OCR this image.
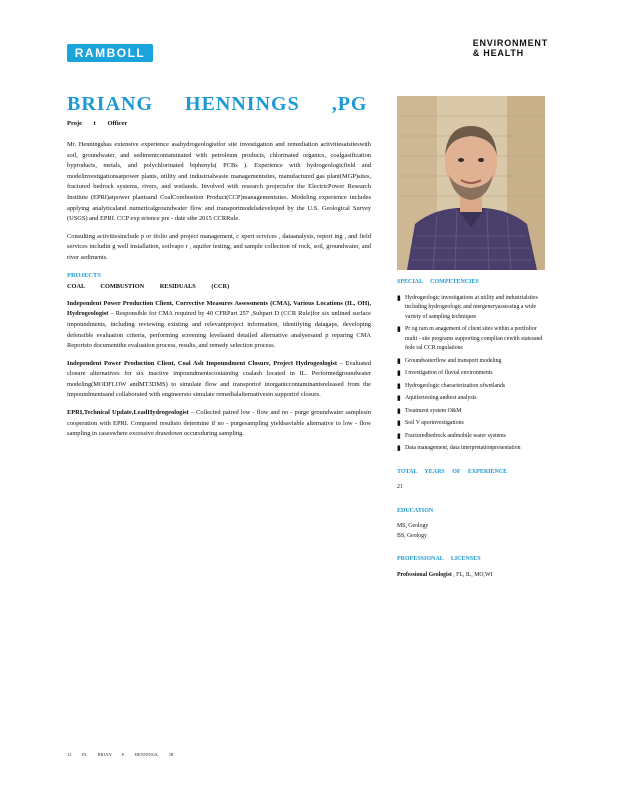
RAMBOLL
ENVIRONMENT
& HEALTH
BRIANG HENNINGS ,PG
Proje t Officer

Mr. Henningshas extensive experience asahydrogeologistfor site investigation and remediation activitiesatsiteswith soil, groundwater, and sedimentcontaminated with petroleum products, chlorinated organics, coalgasification byproducts, metals, and polychlorinated biphenyls( PCBs ). Experience with hydrogeologicfield and modelinvestigationsatpower plants, utility and industrialwaste managementsites, manufactured gas plant(MGP)sites, fractured bedrock systems, rivers, and wetlands. Involved with research projectsfor the ElectricPower Research Institute (EPRI)atpower plantsand CoalCombustion Product(CCP)managementsites. Modeling experience includes applying analyticaland numericalgroundwater flow and transportmodelsdeveloped by the U.S. Geological Survey (USGS) and EPRI. CCP exp erience pre - date sthe 2015 CCRRule.

Consulting activitiesinclude p or tfolio and project management, c xpert scrvices , dataanalysis, report ing , and field services includin g well installation, soilvapo r , aquifer testing, and sample collection of rock, soil, groundwater, and river sediments.

PROJECTS
COAL COMBUSTION RESIDUALS (CCR)

Independent Power Production Client, Corrective Measures Assessments (CMA), Various Locations (IL, OH), Hydrogeologist – Responsible for CMA required by 40 CFRPart 257 ,Subpart D (CCR Rule)for six unlined surface impoundments, including reviewing existing and relevantproject information, identifying datagaps, developing defensible evaluation criteria, performing screening levelaand detailed alternative analysesand p reparing CMA Reportsto documentthe evaluation process, results, and remedy selection process.

Independent Power Production Client, Coal Ash Impoundment Closure, Project Hydrogeologist – Evaluated closure alternatives for six inactive impoundmentscontaining coalash located in IL. Performedgroundwater modeling(MODFLOW andMT3DMS) to simulate flow and transportof inorganiccontaminantsreleased from the impoundmentsand collaborated with engineersto simulate remedialalternativesin supportof closure.

EPRI,Technical Update,LeadHydrogeologist – Collected paired low - flow and no - purge groundwater samplesin cooperation with EPRI. Compared resultsto determine if no - purgesampling yieldsaviable alternative to low - flow sampling in caseswhere excessive drawdown occursduring sampling.

SPECIAL COMPETENCIES
▮ Hydrogeologic investigations at utility and industrialsites including hydrogeologic and mergeneryassessing a wide variety of sampling techniques
▮ Pr og ram m anagement of client sites within a portfolior multi - site programs supporting complian cewith statesand fede ral CCR regulations
▮ Groundwaterflow and transport modeling
▮ I nvestigation of fluvial environments
▮ Hydrogeologic characterization ofwetlands
▮ Aquifertesting andtest analysis
▮ Treatment system O&M
▮ Soil V aporinvestigations
▮ Fracturedbedrock andmobile water systems
▮ Data management, data interpretationpresentation
TOTAL YEARS OF EXPERIENCE
21
EDUCATION
MS, Geology
BS, Geology
PROFESSIONAL LICENSES
Professional Geologist , FL, IL, MO,WI
12 IN, BRIAN E HENNINGS, JR
